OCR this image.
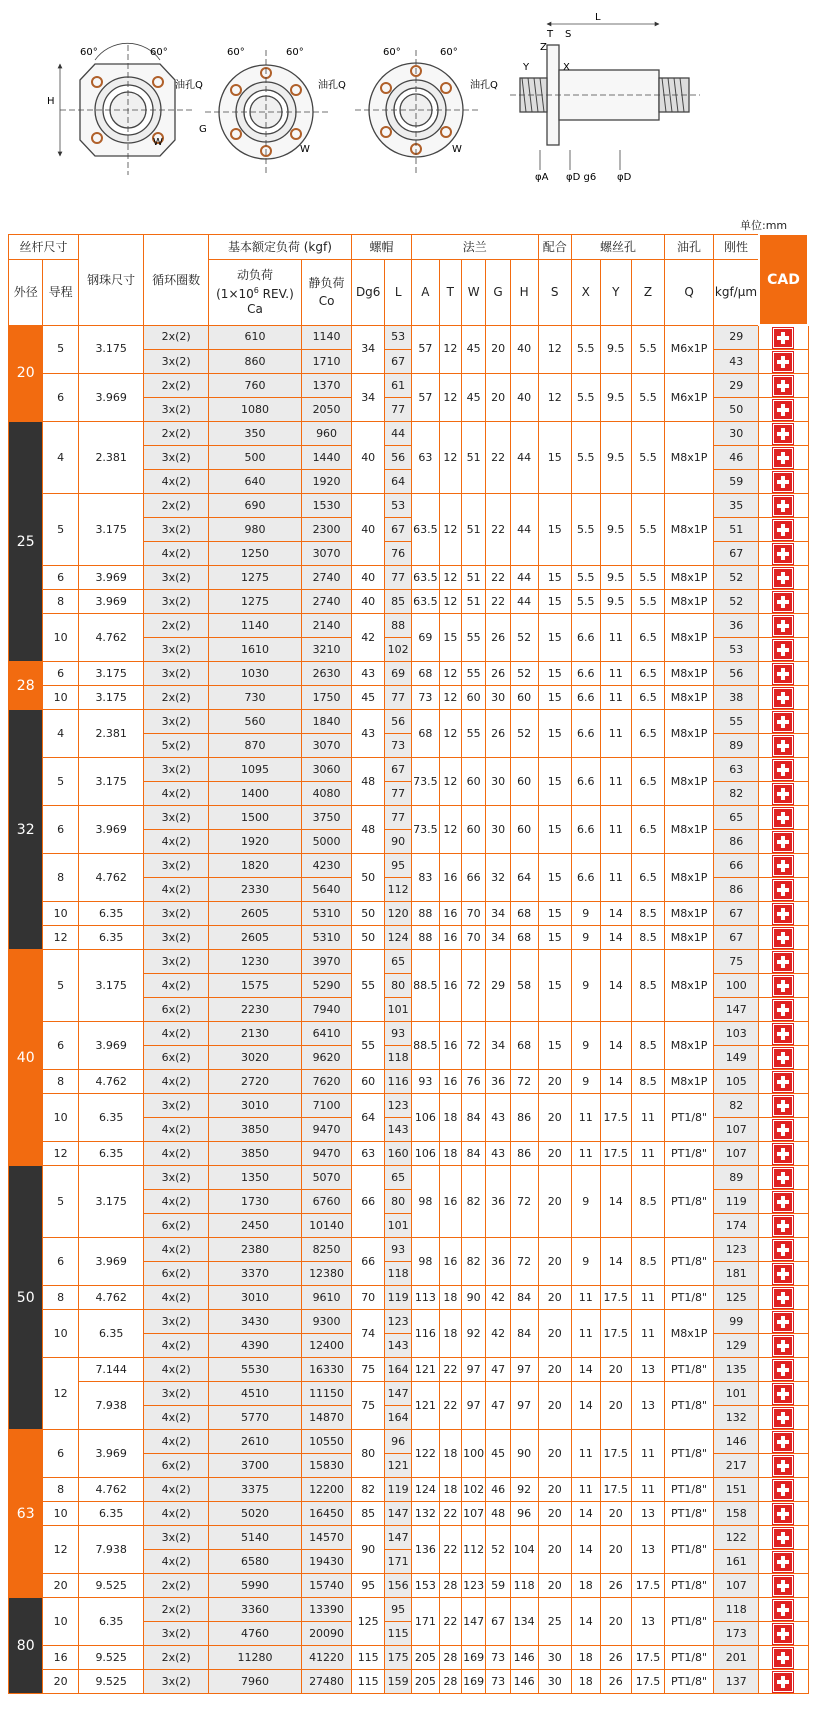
60°	60°
油孔Q
H
W
60°	60°
油孔Q
G
W
60°	60°
油孔Q
W
L
T S
Z
X
Y
φA φD g6 φD
单位:mm
丝杆尺寸		钢珠尺寸	循环圈数	基本额定负荷 (kgf)		螺帽		法兰					配合	螺丝孔			油孔	刚性	CAD
外径	导程			动负荷
($1\times 10^6$ REV.)
Ca	静负荷
Co	Dg6	L	A	T	W	G	H	S	X	Y	Z	Q	kgf/μm	
20	5	3.175	2x(2)	610	1140	34	53	57	12	45	20	40	12	5.5	9.5	5.5	M6x1P	29	
			3x(2)	860	1710		67											43	
	6	3.969	2x(2)	760	1370	34	61	57	12	45	20	40	12	5.5	9.5	5.5	M6x1P	29	
			3x(2)	1080	2050		77											50	
25	4	2.381	2x(2)	350	960	40	44	63	12	51	22	44	15	5.5	9.5	5.5	M8x1P	30	
			3x(2)	500	1440		56											46	
			4x(2)	640	1920		64											59	
	5	3.175	2x(2)	690	1530	40	53	63.5	12	51	22	44	15	5.5	9.5	5.5	M8x1P	35	
			3x(2)	980	2300		67											51	
			4x(2)	1250	3070		76											67	
	6	3.969	3x(2)	1275	2740	40	77	63.5	12	51	22	44	15	5.5	9.5	5.5	M8x1P	52	
	8	3.969	3x(2)	1275	2740	40	85	63.5	12	51	22	44	15	5.5	9.5	5.5	M8x1P	52	
	10	4.762	2x(2)	1140	2140	42	88	69	15	55	26	52	15	6.6	11	6.5	M8x1P	36	
			3x(2)	1610	3210		102											53	
28	6	3.175	3x(2)	1030	2630	43	69	68	12	55	26	52	15	6.6	11	6.5	M8x1P	56	
	10	3.175	2x(2)	730	1750	45	77	73	12	60	30	60	15	6.6	11	6.5	M8x1P	38	
32	4	2.381	3x(2)	560	1840	43	56	68	12	55	26	52	15	6.6	11	6.5	M8x1P	55	
			5x(2)	870	3070		73											89	
	5	3.175	3x(2)	1095	3060	48	67	73.5	12	60	30	60	15	6.6	11	6.5	M8x1P	63	
			4x(2)	1400	4080		77											82	
	6	3.969	3x(2)	1500	3750	48	77	73.5	12	60	30	60	15	6.6	11	6.5	M8x1P	65	
			4x(2)	1920	5000		90											86	
	8	4.762	3x(2)	1820	4230	50	95	83	16	66	32	64	15	6.6	11	6.5	M8x1P	66	
			4x(2)	2330	5640		112											86	
	10	6.35	3x(2)	2605	5310	50	120	88	16	70	34	68	15	9	14	8.5	M8x1P	67	
	12	6.35	3x(2)	2605	5310	50	124	88	16	70	34	68	15	9	14	8.5	M8x1P	67	
40	5	3.175	3x(2)	1230	3970	55	65	88.5	16	72	29	58	15	9	14	8.5	M8x1P	75	
			4x(2)	1575	5290		80											100	
			6x(2)	2230	7940		101											147	
	6	3.969	4x(2)	2130	6410	55	93	88.5	16	72	34	68	15	9	14	8.5	M8x1P	103	
			6x(2)	3020	9620		118											149	
	8	4.762	4x(2)	2720	7620	60	116	93	16	76	36	72	20	9	14	8.5	M8x1P	105	
	10	6.35	3x(2)	3010	7100	64	123	106	18	84	43	86	20	11	17.5	11	PT1/8"	82	
			4x(2)	3850	9470		143											107	
	12	6.35	4x(2)	3850	9470	63	160	106	18	84	43	86	20	11	17.5	11	PT1/8"	107	
50	5	3.175	3x(2)	1350	5070	66	65	98	16	82	36	72	20	9	14	8.5	PT1/8"	89	
			4x(2)	1730	6760		80											119	
			6x(2)	2450	10140		101											174	
	6	3.969	4x(2)	2380	8250	66	93	98	16	82	36	72	20	9	14	8.5	PT1/8"	123	
			6x(2)	3370	12380		118											181	
	8	4.762	4x(2)	3010	9610	70	119	113	18	90	42	84	20	11	17.5	11	PT1/8"	125	
	10	6.35	3x(2)	3430	9300	74	123	116	18	92	42	84	20	11	17.5	11	M8x1P	99	
			4x(2)	4390	12400		143											129	
	12	7.144	4x(2)	5530	16330	75	164	121	22	97	47	97	20	14	20	13	PT1/8"	135	
		7.938	3x(2)	4510	11150	75	147	121	22	97	47	97	20	14	20	13	PT1/8"	101	
			4x(2)	5770	14870		164											132	
63	6	3.969	4x(2)	2610	10550	80	96	122	18	100	45	90	20	11	17.5	11	PT1/8"	146	
			6x(2)	3700	15830		121											217	
	8	4.762	4x(2)	3375	12200	82	119	124	18	102	46	92	20	11	17.5	11	PT1/8"	151	
	10	6.35	4x(2)	5020	16450	85	147	132	22	107	48	96	20	14	20	13	PT1/8"	158	
	12	7.938	3x(2)	5140	14570	90	147	136	22	112	52	104	20	14	20	13	PT1/8"	122	
			4x(2)	6580	19430		171											161	
	20	9.525	2x(2)	5990	15740	95	156	153	28	123	59	118	20	18	26	17.5	PT1/8"	107	
80	10	6.35	2x(2)	3360	13390	125	95	171	22	147	67	134	25	14	20	13	PT1/8"	118	
			3x(2)	4760	20090		115											173	
	16	9.525	2x(2)	11280	41220	115	175	205	28	169	73	146	30	18	26	17.5	PT1/8"	201	
	20	9.525	3x(2)	7960	27480	115	159	205	28	169	73	146	30	18	26	17.5	PT1/8"	137	
